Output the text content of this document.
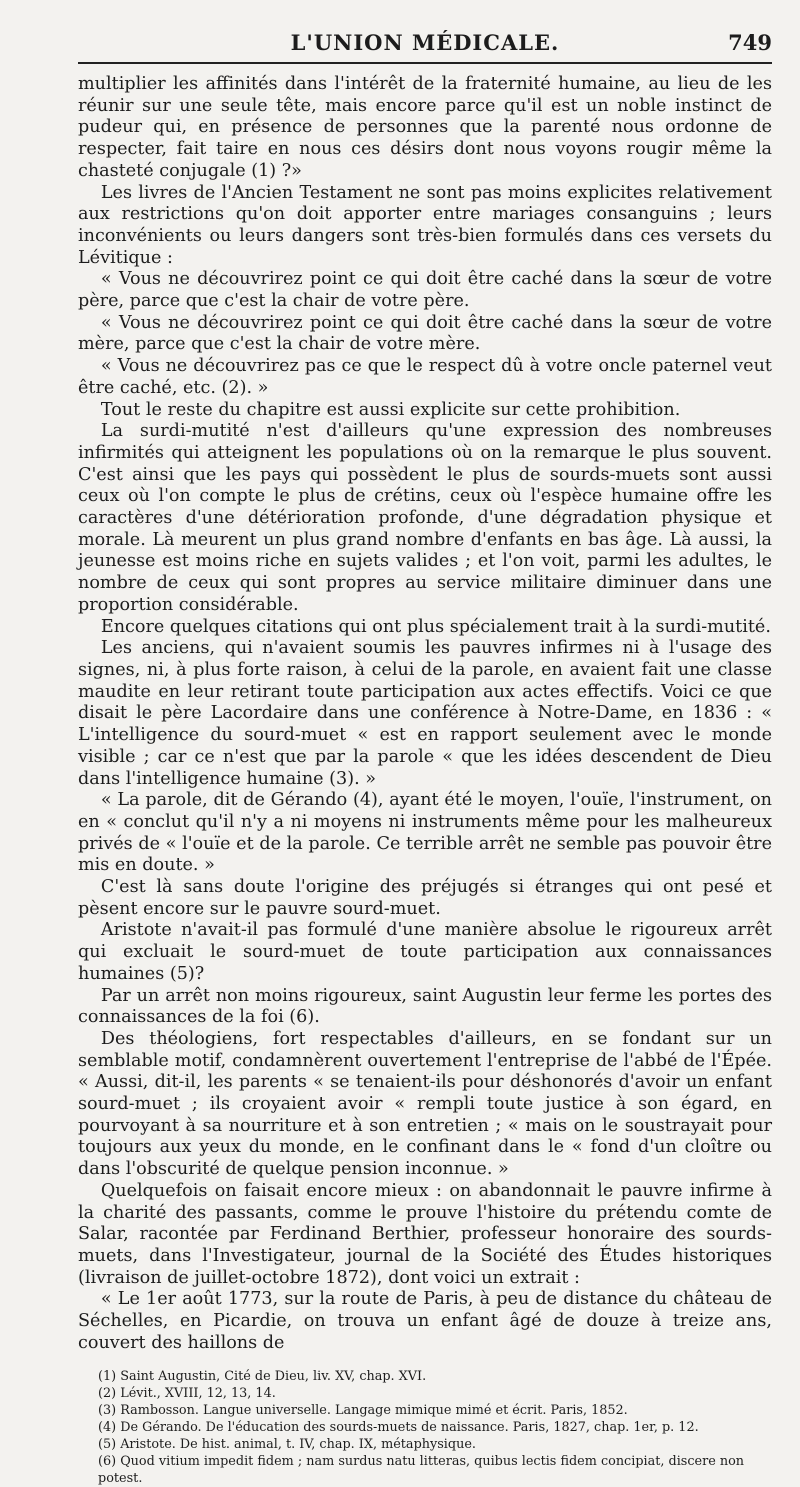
L'UNION MÉDICALE.	749

multiplier les affinités dans l'intérêt de la fraternité humaine, au lieu de les réunir sur une seule tête, mais encore parce qu'il est un noble instinct de pudeur qui, en présence de personnes que la parenté nous ordonne de respecter, fait taire en nous ces désirs dont nous voyons rougir même la chasteté conjugale (1) ?»

Les livres de l'Ancien Testament ne sont pas moins explicites relativement aux restrictions qu'on doit apporter entre mariages consanguins ; leurs inconvénients ou leurs dangers sont très-bien formulés dans ces versets du Lévitique :

« Vous ne découvrirez point ce qui doit être caché dans la sœur de votre père, parce que c'est la chair de votre père.

« Vous ne découvrirez point ce qui doit être caché dans la sœur de votre mère, parce que c'est la chair de votre mère.

« Vous ne découvrirez pas ce que le respect dû à votre oncle paternel veut être caché, etc. (2). »

Tout le reste du chapitre est aussi explicite sur cette prohibition.

La surdi-mutité n'est d'ailleurs qu'une expression des nombreuses infirmités qui atteignent les populations où on la remarque le plus souvent. C'est ainsi que les pays qui possèdent le plus de sourds-muets sont aussi ceux où l'on compte le plus de crétins, ceux où l'espèce humaine offre les caractères d'une détérioration profonde, d'une dégradation physique et morale. Là meurent un plus grand nombre d'enfants en bas âge. Là aussi, la jeunesse est moins riche en sujets valides ; et l'on voit, parmi les adultes, le nombre de ceux qui sont propres au service militaire diminuer dans une proportion considérable.

Encore quelques citations qui ont plus spécialement trait à la surdi-mutité.

Les anciens, qui n'avaient soumis les pauvres infirmes ni à l'usage des signes, ni, à plus forte raison, à celui de la parole, en avaient fait une classe maudite en leur retirant toute participation aux actes effectifs. Voici ce que disait le père Lacordaire dans une conférence à Notre-Dame, en 1836 : « L'intelligence du sourd-muet « est en rapport seulement avec le monde visible ; car ce n'est que par la parole « que les idées descendent de Dieu dans l'intelligence humaine (3). »

« La parole, dit de Gérando (4), ayant été le moyen, l'ouïe, l'instrument, on en « conclut qu'il n'y a ni moyens ni instruments même pour les malheureux privés de « l'ouïe et de la parole. Ce terrible arrêt ne semble pas pouvoir être mis en doute. »

C'est là sans doute l'origine des préjugés si étranges qui ont pesé et pèsent encore sur le pauvre sourd-muet.

Aristote n'avait-il pas formulé d'une manière absolue le rigoureux arrêt qui excluait le sourd-muet de toute participation aux connaissances humaines (5)?

Par un arrêt non moins rigoureux, saint Augustin leur ferme les portes des connaissances de la foi (6).

Des théologiens, fort respectables d'ailleurs, en se fondant sur un semblable motif, condamnèrent ouvertement l'entreprise de l'abbé de l'Épée. « Aussi, dit-il, les parents « se tenaient-ils pour déshonorés d'avoir un enfant sourd-muet ; ils croyaient avoir « rempli toute justice à son égard, en pourvoyant à sa nourriture et à son entretien ; « mais on le soustrayait pour toujours aux yeux du monde, en le confinant dans le « fond d'un cloître ou dans l'obscurité de quelque pension inconnue. »

Quelquefois on faisait encore mieux : on abandonnait le pauvre infirme à la charité des passants, comme le prouve l'histoire du prétendu comte de Salar, racontée par Ferdinand Berthier, professeur honoraire des sourds-muets, dans l'Investigateur, journal de la Société des Études historiques (livraison de juillet-octobre 1872), dont voici un extrait :

« Le 1er août 1773, sur la route de Paris, à peu de distance du château de Séchelles, en Picardie, on trouva un enfant âgé de douze à treize ans, couvert des haillons de

(1) Saint Augustin, Cité de Dieu, liv. XV, chap. XVI.

(2) Lévit., XVIII, 12, 13, 14.

(3) Rambosson. Langue universelle. Langage mimique mimé et écrit. Paris, 1852.

(4) De Gérando. De l'éducation des sourds-muets de naissance. Paris, 1827, chap. 1er, p. 12.

(5) Aristote. De hist. animal, t. IV, chap. IX, métaphysique.

(6) Quod vitium impedit fidem ; nam surdus natu litteras, quibus lectis fidem concipiat, discere non potest.
